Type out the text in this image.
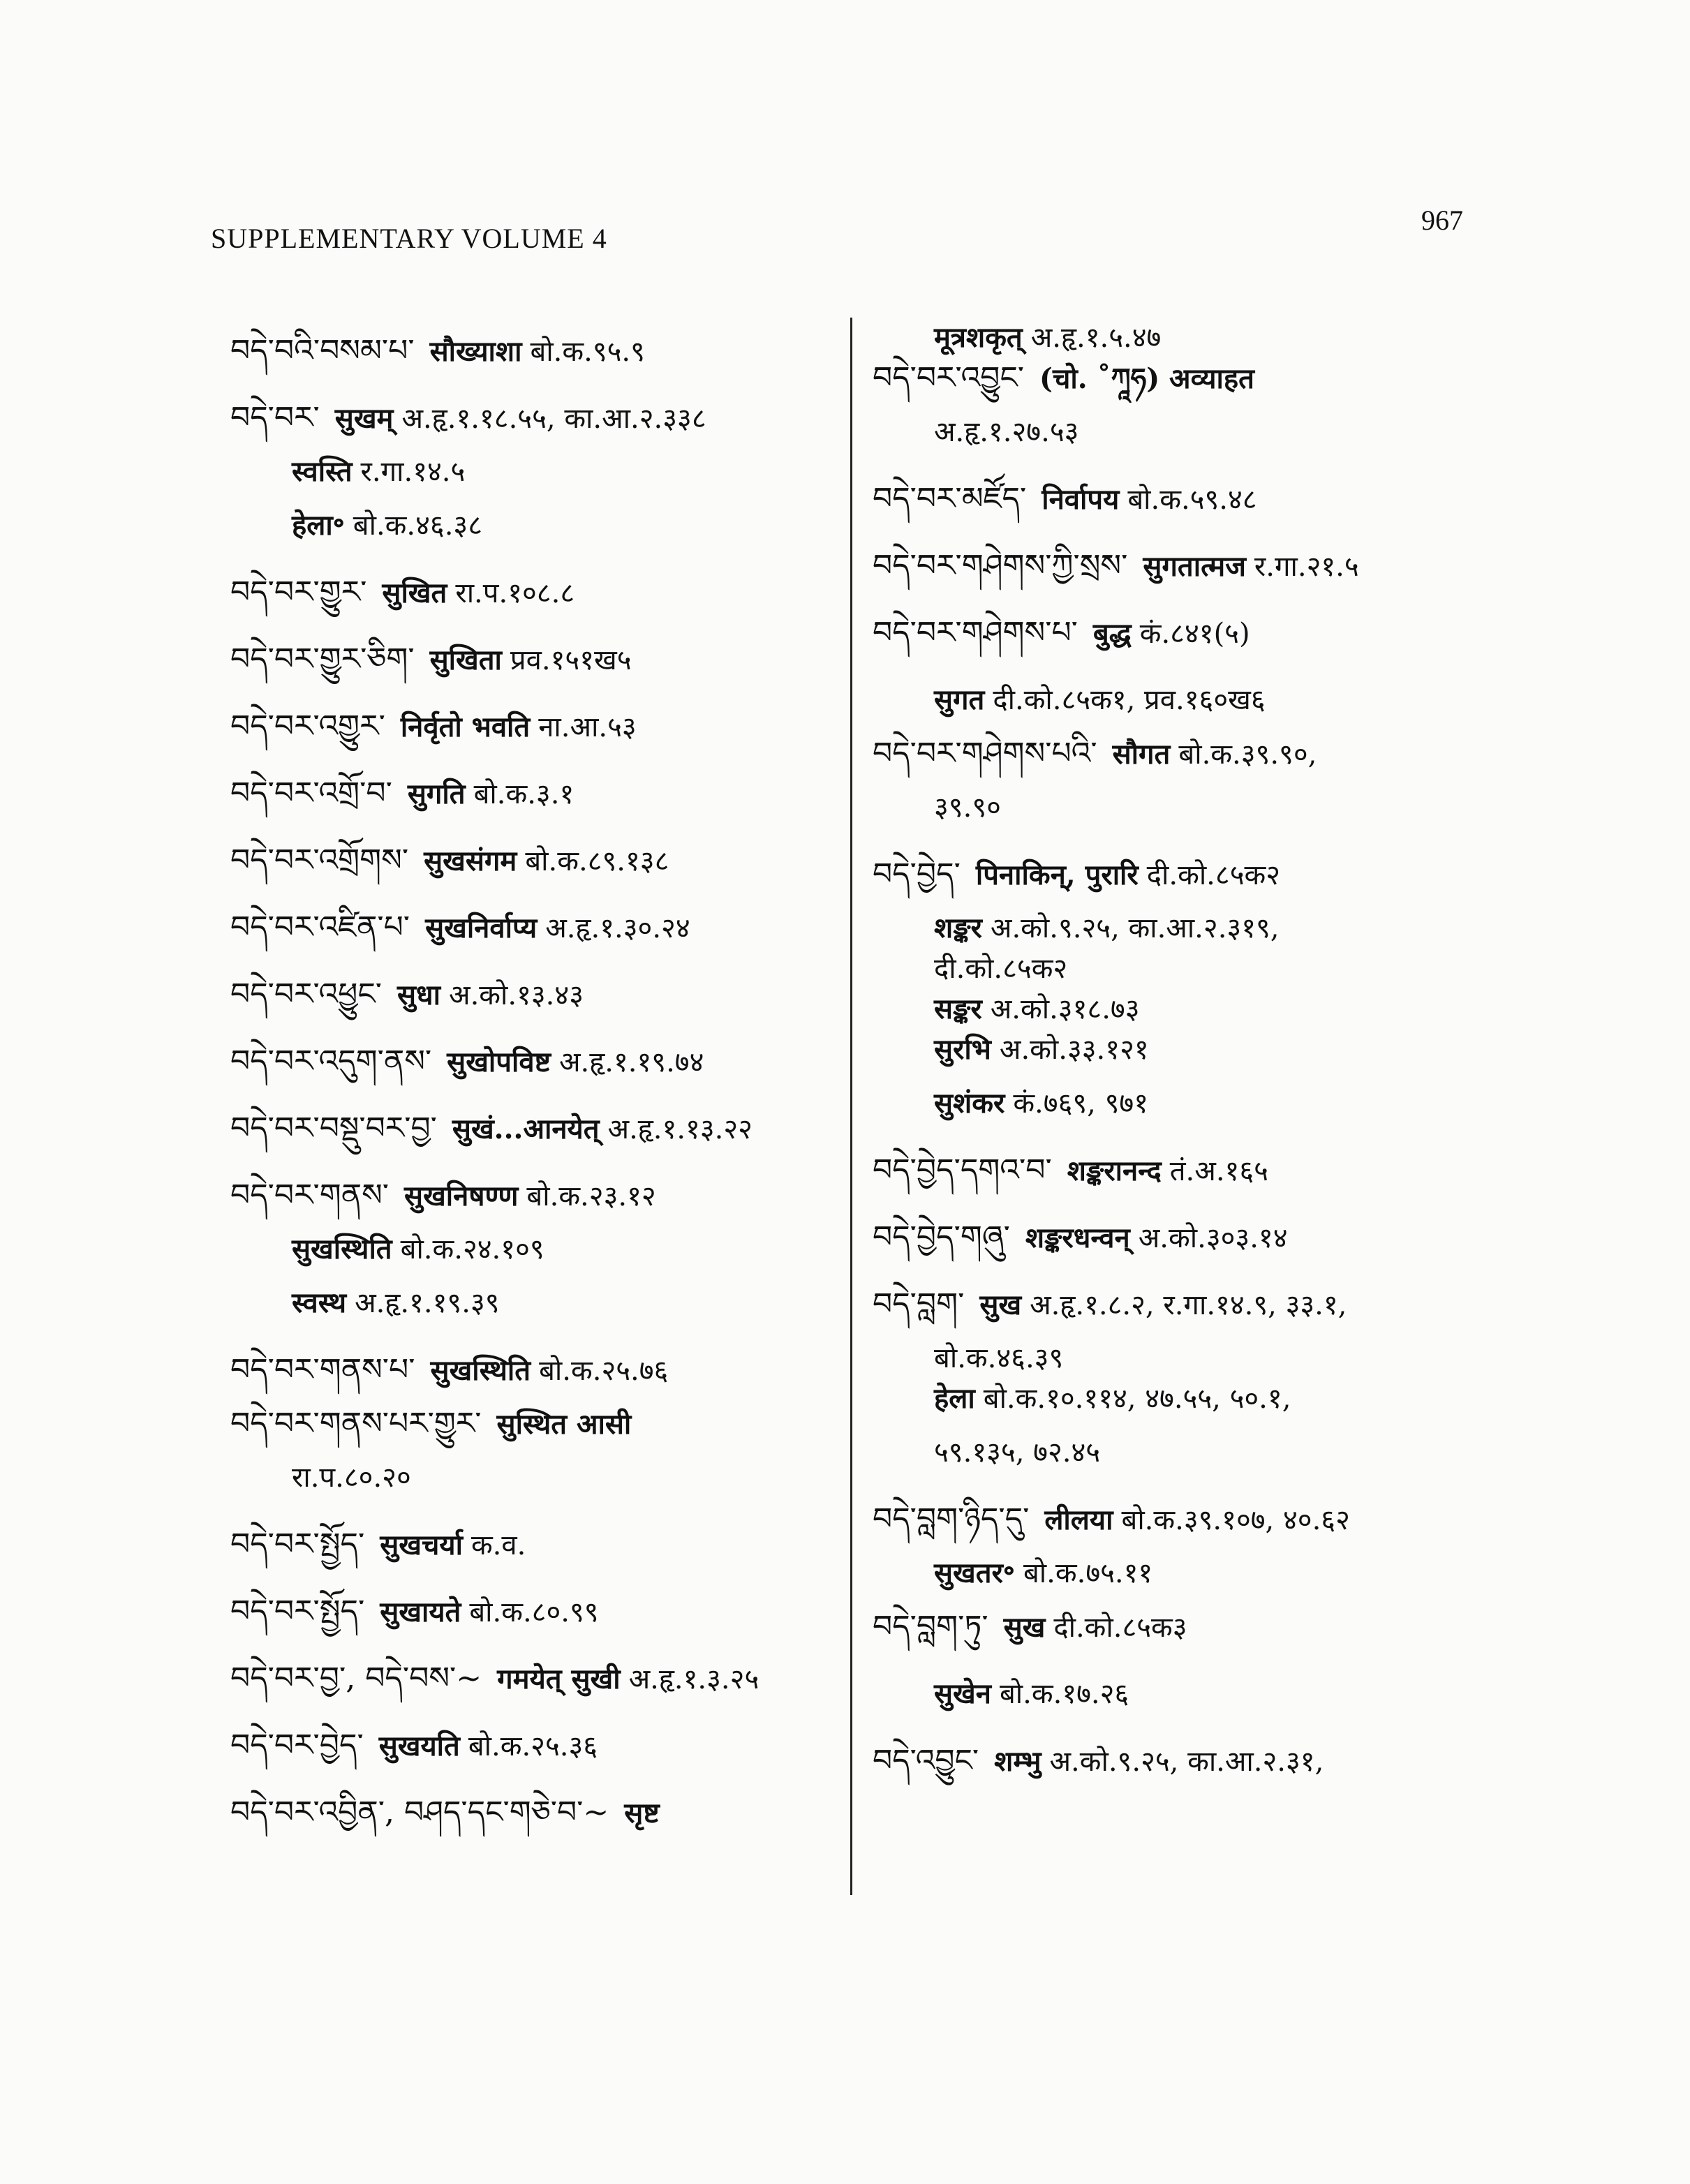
SUPPLEMENTARY VOLUME 4
967
བདེ་བའི་བསམ་པ་ सौख्याशा बो.क.९५.९
བདེ་བར་ सुखम् अ.हृ.१.१८.५५, का.आ.२.३३८
स्वस्ति र.गा.१४.५
हेला॰ बो.क.४६.३८
བདེ་བར་གྱུར་ सुखित रा.प.१०८.८
བདེ་བར་གྱུར་ཅིག་ सुखिता प्रव.१५१ख५
བདེ་བར་འགྱུར་ निर्वृतो भवति ना.आ.५३
བདེ་བར་འགྲོ་བ་ सुगति बो.क.३.१
བདེ་བར་འགྲོགས་ सुखसंगम बो.क.८९.१३८
བདེ་བར་འཛིན་པ་ सुखनिर्वाप्य अ.हृ.१.३०.२४
བདེ་བར་འཕྱུང་ सुधा अ.को.१३.४३
བདེ་བར་འདུག་ནས་ सुखोपविष्ट अ.हृ.१.१९.७४
བདེ་བར་བསྡུ་བར་བྱ་ सुखं...आनयेत् अ.हृ.१.१३.२२
བདེ་བར་གནས་ सुखनिषण्ण बो.क.२३.१२
सुखस्थिति बो.क.२४.१०९
स्वस्थ अ.हृ.१.१९.३९
བདེ་བར་གནས་པ་ सुखस्थिति बो.क.२५.७६
བདེ་བར་གནས་པར་གྱུར་ सुस्थित आसी
रा.प.८०.२०
བདེ་བར་སྤྱོད་ सुखचर्या क.व.
བདེ་བར་སྤྱོད་ सुखायते बो.क.८०.९९
བདེ་བར་བྱ་, བདེ་བས་~ गमयेत् सुखी अ.हृ.१.३.२५
བདེ་བར་བྱེད་ सुखयति बो.क.२५.३६
བདེ་བར་འབྱིན་, བཤད་དང་གཅེ་བ་~ सृष्ट
मूत्रशकृत् अ.हृ.१.५.४७
བདེ་བར་འབྱུང་ (चो. ˚ཀཱཧ) अव्याहत
अ.हृ.१.२७.५३
བདེ་བར་མཛོད་ निर्वापय बो.क.५९.४८
བདེ་བར་གཤེགས་ཀྱི་སྲས་ सुगतात्मज र.गा.२१.५
བདེ་བར་གཤེགས་པ་ बुद्ध कं.८४१(५)
सुगत दी.को.८५क१, प्रव.१६०ख६
བདེ་བར་གཤེགས་པའི་ सौगत बो.क.३९.९०,
३९.९०
བདེ་བྱེད་ पिनाकिन्, पुरारि दी.को.८५क२
शङ्कर अ.को.९.२५, का.आ.२.३१९,
दी.को.८५क२
सङ्कर अ.को.३१८.७३
सुरभि अ.को.३३.१२१
सुशंकर कं.७६९, ९७१
བདེ་བྱེད་དགའ་བ་ शङ्करानन्द तं.अ.१६५
བདེ་བྱེད་གཞུ་ शङ्करधन्वन् अ.को.३०३.१४
བདེ་བླག་ सुख अ.हृ.१.८.२, र.गा.१४.९, ३३.१,
बो.क.४६.३९
हेला बो.क.१०.११४, ४७.५५, ५०.१,
५९.१३५, ७२.४५
བདེ་བླག་ཉིད་དུ་ लीलया बो.क.३९.१०७, ४०.६२
सुखतर॰ बो.क.७५.११
བདེ་བླག་ཏུ་ सुख दी.को.८५क३
सुखेन बो.क.१७.२६
བདེ་འབྱུང་ शम्भु अ.को.९.२५, का.आ.२.३१,
